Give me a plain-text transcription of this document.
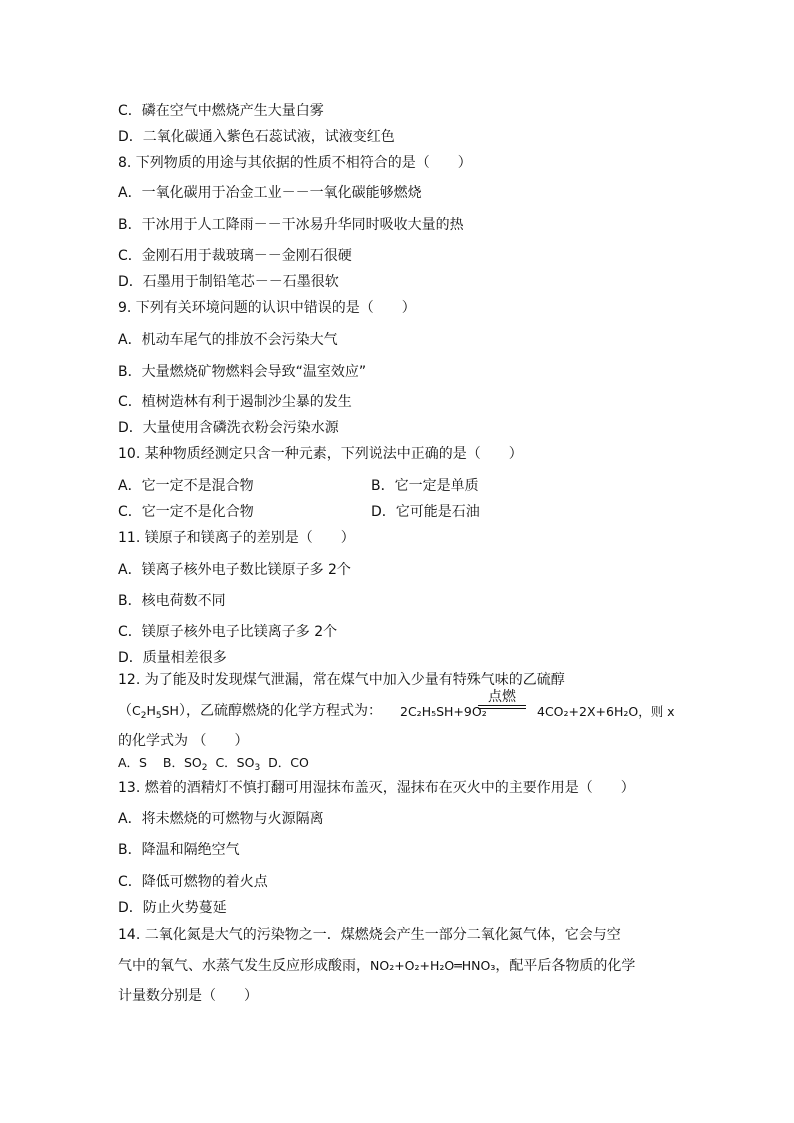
C．磷在空气中燃烧产生大量白雾
D．二氧化碳通入紫色石蕊试液，试液变红色
8. 下列物质的用途与其依据的性质不相符合的是（　　）
A．一氧化碳用于冶金工业－－一氧化碳能够燃烧
B．干冰用于人工降雨－－干冰易升华同时吸收大量的热
C．金刚石用于裁玻璃－－金刚石很硬
D．石墨用于制铅笔芯－－石墨很软
9. 下列有关环境问题的认识中错误的是（　　）
A．机动车尾气的排放不会污染大气
B．大量燃烧矿物燃料会导致“温室效应”
C．植树造林有利于遏制沙尘暴的发生
D．大量使用含磷洗衣粉会污染水源
10. 某种物质经测定只含一种元素，下列说法中正确的是（　　）
A．它一定不是混合物	B．它一定是单质
C．它一定不是化合物	D．它可能是石油
11. 镁原子和镁离子的差别是（　　）
A．镁离子核外电子数比镁原子多 2个
B．核电荷数不同
C．镁原子核外电子比镁离子多 2个
D．质量相差很多
12. 为了能及时发现煤气泄漏，常在煤气中加入少量有特殊气味的乙硫醇
$(C_2H_5SH)$，乙硫醇燃烧的化学方程式为： 2C₂H₅SH+9O₂
点燃
4CO₂+2X+6H₂O，则 x
的化学式为 （　　）
A．S B．$SO_2$ C．$SO_3$ D．CO
13. 燃着的酒精灯不慎打翻可用湿抹布盖灭，湿抹布在灭火中的主要作用是（　　）
A．将未燃烧的可燃物与火源隔离
B．降温和隔绝空气
C．降低可燃物的着火点
D．防止火势蔓延
14. 二氧化氮是大气的污染物之一．煤燃烧会产生一部分二氧化氮气体，它会与空
气中的氧气、水蒸气发生反应形成酸雨，NO₂+O₂+H₂O═HNO₃，配平后各物质的化学
计量数分别是（　　）
